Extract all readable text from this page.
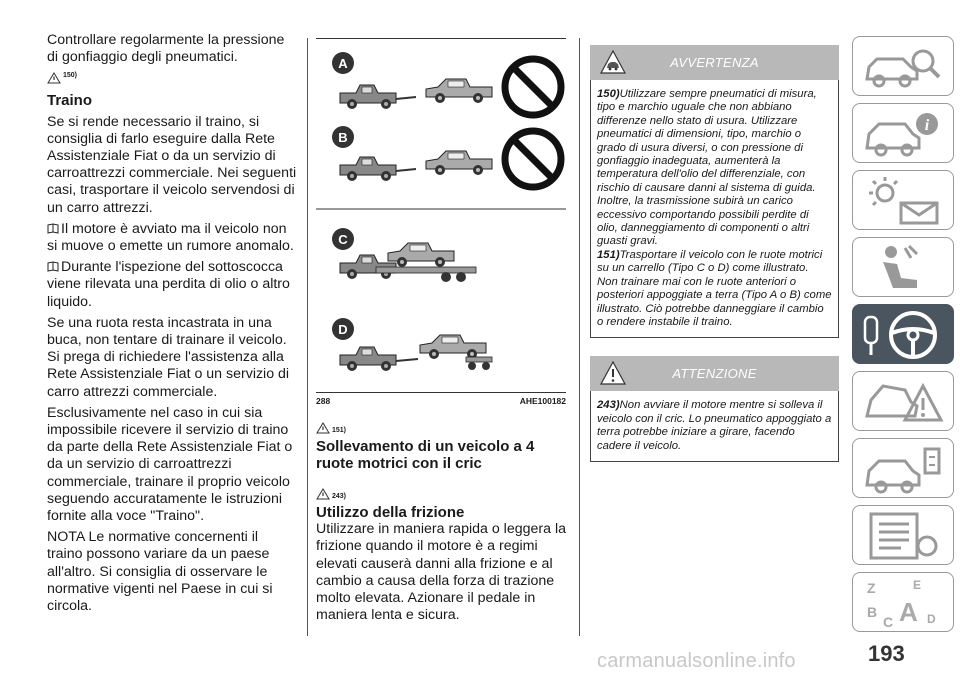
Controllare regolarmente la pressione di gonfiaggio degli pneumatici.

150)
Traino

Se si rende necessario il traino, si consiglia di farlo eseguire dalla Rete Assistenziale Fiat o da un servizio di carroattrezzi commerciale. Nei seguenti casi, trasportare il veicolo servendosi di un carro attrezzi.

Il motore è avviato ma il veicolo non si muove o emette un rumore anomalo.

Durante l'ispezione del sottoscocca viene rilevata una perdita di olio o altro liquido.

Se una ruota resta incastrata in una buca, non tentare di trainare il veicolo. Si prega di richiedere l'assistenza alla Rete Assistenziale Fiat o un servizio di carro attrezzi commerciale.

Esclusivamente nel caso in cui sia impossibile ricevere il servizio di traino da parte della Rete Assistenziale Fiat o da un servizio di carroattrezzi commerciale, trainare il proprio veicolo seguendo accuratamente le istruzioni fornite alla voce "Traino".

NOTA Le normative concernenti il traino possono variare da un paese all'altro. Si consiglia di osservare le normative vigenti nel Paese in cui si circola.

A
B
C
D
288	AHE100182
151)
Sollevamento di un veicolo a 4 ruote motrici con il cric
243)
Utilizzo della frizione

Utilizzare in maniera rapida o leggera la frizione quando il motore è a regimi elevati causerà danni alla frizione e al cambio a causa della forza di trazione molto elevata. Azionare il pedale in maniera lenta e sicura.

AVVERTENZA

150)Utilizzare sempre pneumatici di misura, tipo e marchio uguale che non abbiano differenze nello stato di usura. Utilizzare pneumatici di dimensioni, tipo, marchio o grado di usura diversi, o con pressione di gonfiaggio inadeguata, aumenterà la temperatura dell'olio del differenziale, con rischio di causare danni al sistema di guida. Inoltre, la trasmissione subirà un carico eccessivo comportando possibili perdite di olio, danneggiamento di componenti o altri guasti gravi.

151)Trasportare il veicolo con le ruote motrici su un carrello (Tipo C o D) come illustrato. Non trainare mai con le ruote anteriori o posteriori appoggiate a terra (Tipo A o B) come illustrato. Ciò potrebbe danneggiare il cambio o rendere instabile il traino.

ATTENZIONE

243)Non avviare il motore mentre si solleva il veicolo con il cric. Lo pneumatico appoggiato a terra potrebbe iniziare a girare, facendo cadere il veicolo.

i
Z	E
B
C A D
193
carmanualsonline.info
